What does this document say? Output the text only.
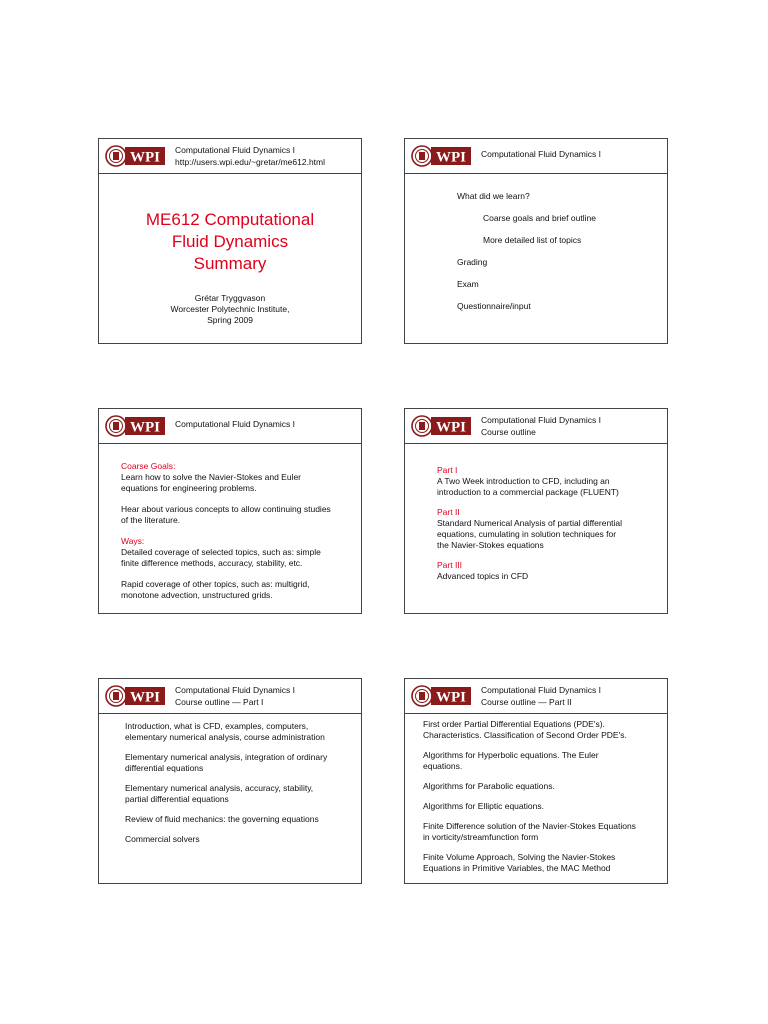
WPI Computational Fluid Dynamics I
http://users.wpi.edu/~gretar/me612.html
ME612 Computational
Fluid Dynamics
Summary
Grétar Tryggvason
Worcester Polytechnic Institute,
Spring 2009
WPI Computational Fluid Dynamics I
What did we learn?
Coarse goals and brief outline
More detailed list of topics
Grading
Exam
Questionnaire/input
WPI Computational Fluid Dynamics I
Coarse Goals:
Learn how to solve the Navier-Stokes and Euler
equations for engineering problems.
Hear about various concepts to allow continuing studies
of the literature.
Ways:
Detailed coverage of selected topics, such as: simple
finite difference methods, accuracy, stability, etc.
Rapid coverage of other topics, such as: multigrid,
monotone advection, unstructured grids.
WPI Computational Fluid Dynamics I
Course outline
Part I
A Two Week introduction to CFD, including an
introduction to a commercial package (FLUENT)
Part II
Standard Numerical Analysis of partial differential
equations, cumulating in solution techniques for
the Navier-Stokes equations
Part III
Advanced topics in CFD
WPI Computational Fluid Dynamics I
Course outline — Part I
Introduction, what is CFD, examples, computers,
elementary numerical analysis, course administration
Elementary numerical analysis, integration of ordinary
differential equations
Elementary numerical analysis, accuracy, stability,
partial differential equations
Review of fluid mechanics: the governing equations
Commercial solvers
WPI Computational Fluid Dynamics I
Course outline — Part II
First order Partial Differential Equations (PDE's).
Characteristics. Classification of Second Order PDE's.
Algorithms for Hyperbolic equations. The Euler
equations.
Algorithms for Parabolic equations.
Algorithms for Elliptic equations.
Finite Difference solution of the Navier-Stokes Equations
in vorticity/streamfunction form
Finite Volume Approach, Solving the Navier-Stokes
Equations in Primitive Variables, the MAC Method
